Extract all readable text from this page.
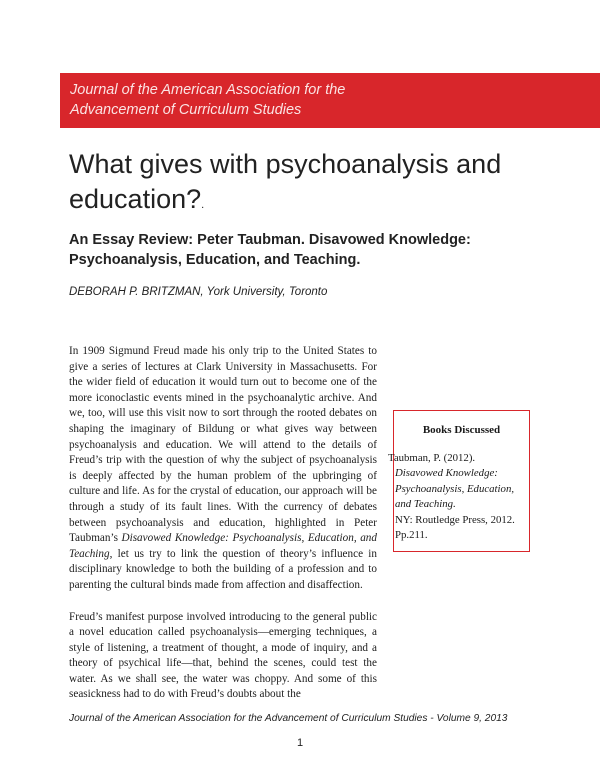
Journal of the American Association for the
Advancement of Curriculum Studies
What gives with psychoanalysis and
education?.
An Essay Review: Peter Taubman. Disavowed Knowledge:
Psychoanalysis, Education, and Teaching.
DEBORAH P. BRITZMAN, York University, Toronto

In 1909 Sigmund Freud made his only trip to the United States to give a series of lectures at Clark University in Massachusetts. For the wider field of education it would turn out to become one of the more iconoclastic events mined in the psychoanalytic archive. And we, too, will use this visit now to sort through the rooted debates on shaping the imaginary of Bildung or what gives way between psychoanalysis and education. We will attend to the details of Freud’s trip with the question of why the subject of psychoanalysis is deeply affected by the human problem of the upbringing of culture and life. As for the crystal of education, our approach will be through a study of its fault lines. With the currency of debates between psychoanalysis and education, highlighted in Peter Taubman’s Disavowed Knowledge: Psychoanalysis, Education, and Teaching, let us try to link the question of theory’s influence in disciplinary knowledge to both the building of a profession and to parenting the cultural binds made from affection and disaffection.

Freud’s manifest purpose involved introducing to the general public a novel education called psychoanalysis—emerging techniques, a style of listening, a treatment of thought, a mode of inquiry, and a theory of psychical life—that, behind the scenes, could test the water. As we shall see, the water was choppy. And some of this seasickness had to do with Freud’s doubts about the

Books Discussed
Taubman, P. (2012).
Disavowed Knowledge: Psychoanalysis, Education, and Teaching.
NY: Routledge Press, 2012. Pp.211.
Journal of the American Association for the Advancement of Curriculum Studies - Volume 9, 2013
1
